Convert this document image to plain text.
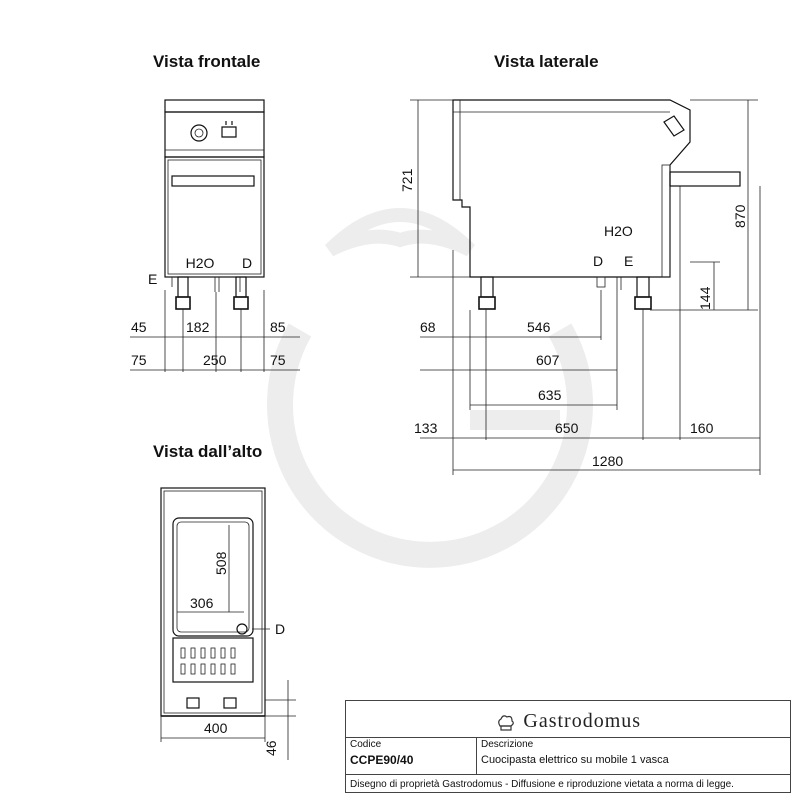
Vista frontale	Vista laterale
Vista dall’alto
H2O D
E
45	182	85
75	250	75
721
870
H2O
D E
144
68	546
607
635
133	650	160
1280
508
306
D
400
46
Gastrodomus
Codice
CCPE90/40
Descrizione
Cuocipasta elettrico su mobile 1 vasca
Disegno di proprietà Gastrodomus - Diffusione e riproduzione vietata a norma di legge.
